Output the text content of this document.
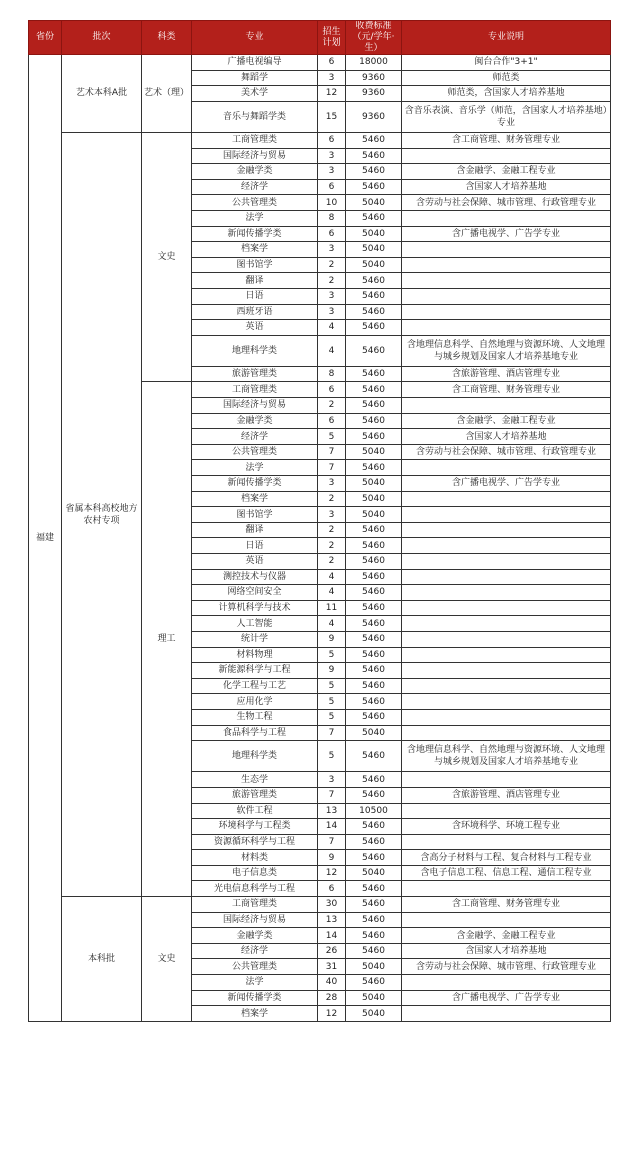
省份	批次	科类	专业	招生计划	收费标准（元/学年·生）	专业说明
福建	艺术本科A批	艺术（理）	广播电视编导	6	18000	闽台合作"3+1"
			舞蹈学	3	9360	师范类
			美术学	12	9360	师范类，含国家人才培养基地
			音乐与舞蹈学类	15	9360	含音乐表演、音乐学（师范，含国家人才培养基地）专业
	省属本科高校地方农村专项	文史	工商管理类	6	5460	含工商管理、财务管理专业
			国际经济与贸易	3	5460	
			金融学类	3	5460	含金融学、金融工程专业
			经济学	6	5460	含国家人才培养基地
			公共管理类	10	5040	含劳动与社会保障、城市管理、行政管理专业
			法学	8	5460	
			新闻传播学类	6	5040	含广播电视学、广告学专业
			档案学	3	5040	
			图书馆学	2	5040	
			翻译	2	5460	
			日语	3	5460	
			西班牙语	3	5460	
			英语	4	5460	
			地理科学类	4	5460	含地理信息科学、自然地理与资源环境、人文地理与城乡规划及国家人才培养基地专业
			旅游管理类	8	5460	含旅游管理、酒店管理专业
		理工	工商管理类	6	5460	含工商管理、财务管理专业
			国际经济与贸易	2	5460	
			金融学类	6	5460	含金融学、金融工程专业
			经济学	5	5460	含国家人才培养基地
			公共管理类	7	5040	含劳动与社会保障、城市管理、行政管理专业
			法学	7	5460	
			新闻传播学类	3	5040	含广播电视学、广告学专业
			档案学	2	5040	
			图书馆学	3	5040	
			翻译	2	5460	
			日语	2	5460	
			英语	2	5460	
			测控技术与仪器	4	5460	
			网络空间安全	4	5460	
			计算机科学与技术	11	5460	
			人工智能	4	5460	
			统计学	9	5460	
			材料物理	5	5460	
			新能源科学与工程	9	5460	
			化学工程与工艺	5	5460	
			应用化学	5	5460	
			生物工程	5	5460	
			食品科学与工程	7	5040	
			地理科学类	5	5460	含地理信息科学、自然地理与资源环境、人文地理与城乡规划及国家人才培养基地专业
			生态学	3	5460	
			旅游管理类	7	5460	含旅游管理、酒店管理专业
			软件工程	13	10500	
			环境科学与工程类	14	5460	含环境科学、环境工程专业
			资源循环科学与工程	7	5460	
			材料类	9	5460	含高分子材料与工程、复合材料与工程专业
			电子信息类	12	5040	含电子信息工程、信息工程、通信工程专业
			光电信息科学与工程	6	5460	
	本科批	文史	工商管理类	30	5460	含工商管理、财务管理专业
			国际经济与贸易	13	5460	
			金融学类	14	5460	含金融学、金融工程专业
			经济学	26	5460	含国家人才培养基地
			公共管理类	31	5040	含劳动与社会保障、城市管理、行政管理专业
			法学	40	5460	
			新闻传播学类	28	5040	含广播电视学、广告学专业
			档案学	12	5040	
